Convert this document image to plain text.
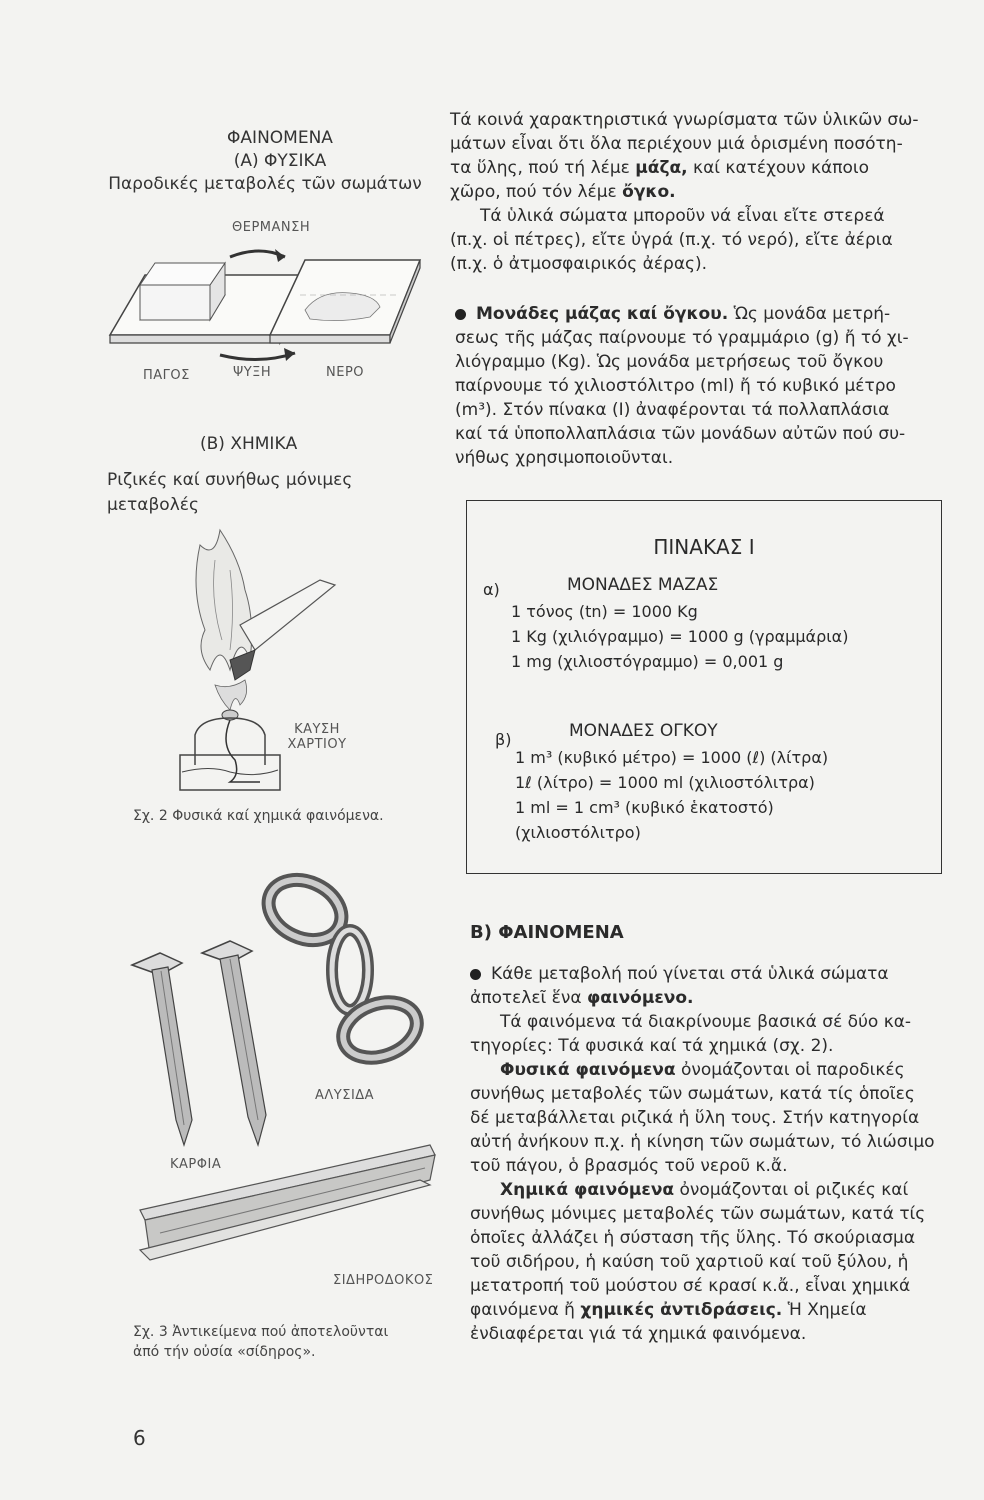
ΦΑΙΝΟΜΕΝΑ
(Α) ΦΥΣΙΚΑ
Παροδικές μεταβολές τῶν σωμάτων
ΘΕΡΜΑΝΣΗ
ΠΑΓΟΣ	ΨΥΞΗ	ΝΕΡΟ
(Β) ΧΗΜΙΚΑ
Ριζικές καί συνήθως μόνιμες
μεταβολές
ΚΑΥΣΗ
ΧΑΡΤΙΟΥ
Σχ. 2 Φυσικά καί χημικά φαινόμενα.
ΑΛΥΣΙΔΑ
ΚΑΡΦΙΑ
ΣΙΔΗΡΟΔΟΚΟΣ
Σχ. 3 Ἀντικείμενα πού ἀποτελοῦνται
ἀπό τήν οὐσία «σίδηρος».
6

Τά κοινά χαρακτηριστικά γνωρίσματα τῶν ὑλικῶν σω-

μάτων εἶναι ὅτι ὅλα περιέχουν μιά ὁρισμένη ποσότη-

τα ὕλης, πού τή λέμε μάζα, καί κατέχουν κάποιο

χῶρο, πού τόν λέμε ὄγκο.

Τά ὑλικά σώματα μποροῦν νά εἶναι εἴτε στερεά

(π.χ. οἱ πέτρες), εἴτε ὑγρά (π.χ. τό νερό), εἴτε ἀέρια

(π.χ. ὁ ἀτμοσφαιρικός ἀέρας).

Μονάδες μάζας καί ὄγκου. Ὡς μονάδα μετρή-

σεως τῆς μάζας παίρνουμε τό γραμμάριο (g) ἤ τό χι-

λιόγραμμο (Kg). Ὡς μονάδα μετρήσεως τοῦ ὄγκου

παίρνουμε τό χιλιοστόλιτρο (ml) ἤ τό κυβικό μέτρο

(m³). Στόν πίνακα (I) ἀναφέρονται τά πολλαπλάσια

καί τά ὑποπολλαπλάσια τῶν μονάδων αὐτῶν πού συ-

νήθως χρησιμοποιοῦνται.

ΠΙΝΑΚΑΣ I
α)	ΜΟΝΑΔΕΣ ΜΑΖΑΣ
1 τόνος (tn) = 1000 Kg
1 Kg (χιλιόγραμμο) = 1000 g (γραμμάρια)
1 mg (χιλιοστόγραμμο) = 0,001 g
β)	ΜΟΝΑΔΕΣ ΟΓΚΟΥ
1 m³ (κυβικό μέτρο) = 1000 (ℓ) (λίτρα)
1ℓ (λίτρο) = 1000 ml (χιλιοστόλιτρα)
1 ml = 1 cm³ (κυβικό ἑκατοστό)
(χιλιοστόλιτρο)
Β) ΦΑΙΝΟΜΕΝΑ

Κάθε μεταβολή πού γίνεται στά ὑλικά σώματα

ἀποτελεῖ ἕνα φαινόμενο.

Τά φαινόμενα τά διακρίνουμε βασικά σέ δύο κα-

τηγορίες: Τά φυσικά καί τά χημικά (σχ. 2).

Φυσικά φαινόμενα ὀνομάζονται οἱ παροδικές

συνήθως μεταβολές τῶν σωμάτων, κατά τίς ὁποῖες

δέ μεταβάλλεται ριζικά ἡ ὕλη τους. Στήν κατηγορία

αὐτή ἀνήκουν π.χ. ἡ κίνηση τῶν σωμάτων, τό λιώσιμο

τοῦ πάγου, ὁ βρασμός τοῦ νεροῦ κ.ἄ.

Χημικά φαινόμενα ὀνομάζονται οἱ ριζικές καί

συνήθως μόνιμες μεταβολές τῶν σωμάτων, κατά τίς

ὁποῖες ἀλλάζει ἡ σύσταση τῆς ὕλης. Τό σκούριασμα

τοῦ σιδήρου, ἡ καύση τοῦ χαρτιοῦ καί τοῦ ξύλου, ἡ

μετατροπή τοῦ μούστου σέ κρασί κ.ἄ., εἶναι χημικά

φαινόμενα ἤ χημικές ἀντιδράσεις. Ἡ Χημεία

ἐνδιαφέρεται γιά τά χημικά φαινόμενα.
